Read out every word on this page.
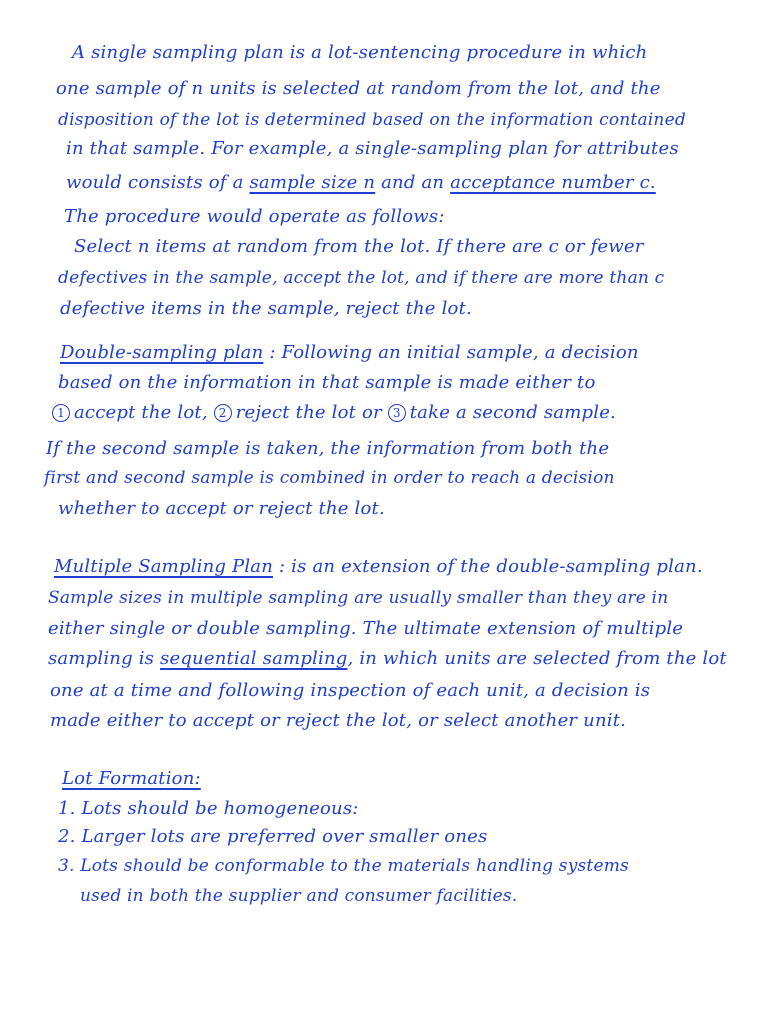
A single sampling plan is a lot-sentencing procedure in which
one sample of n units is selected at random from the lot, and the
disposition of the lot is determined based on the information contained
in that sample. For example, a single-sampling plan for attributes
would consists of a sample size n and an acceptance number c.
The procedure would operate as follows:
Select n items at random from the lot. If there are c or fewer
defectives in the sample, accept the lot, and if there are more than c
defective items in the sample, reject the lot.
Double-sampling plan : Following an initial sample, a decision
based on the information in that sample is made either to
1 accept the lot, 2 reject the lot or 3 take a second sample.
If the second sample is taken, the information from both the
first and second sample is combined in order to reach a decision
whether to accept or reject the lot.
Multiple Sampling Plan : is an extension of the double-sampling plan.
Sample sizes in multiple sampling are usually smaller than they are in
either single or double sampling. The ultimate extension of multiple
sampling is sequential sampling, in which units are selected from the lot
one at a time and following inspection of each unit, a decision is
made either to accept or reject the lot, or select another unit.
Lot Formation:
1. Lots should be homogeneous:
2. Larger lots are preferred over smaller ones
3. Lots should be conformable to the materials handling systems
used in both the supplier and consumer facilities.
